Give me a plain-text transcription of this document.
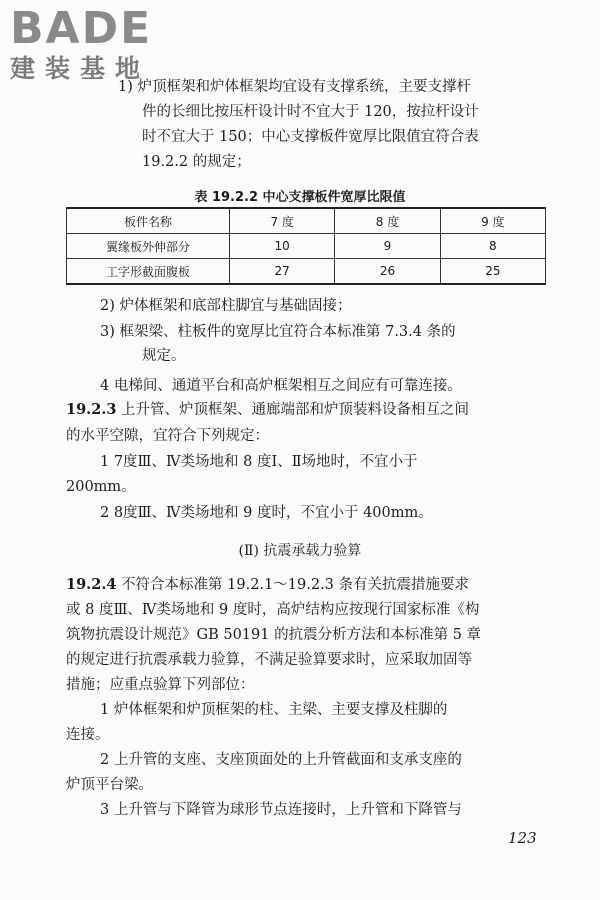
BADE
建装基地
1) 炉顶框架和炉体框架均宜设有支撑系统，主要支撑杆
件的长细比按压杆设计时不宜大于 120，按拉杆设计
时不宜大于 150；中心支撑板件宽厚比限值宜符合表
19.2.2 的规定；
表 19.2.2 中心支撑板件宽厚比限值
板件名称	7 度	8 度	9 度
翼缘板外伸部分	10	9	8
工字形截面腹板	27	26	25
2) 炉体框架和底部柱脚宜与基础固接；
3) 框架梁、柱板件的宽厚比宜符合本标准第 7.3.4 条的
规定。
4 电梯间、通道平台和高炉框架相互之间应有可靠连接。
19.2.3 上升管、炉顶框架、通廊端部和炉顶装料设备相互之间
的水平空隙，宜符合下列规定：
1 7度Ⅲ、Ⅳ类场地和 8 度Ⅰ、Ⅱ场地时，不宜小于
200mm。
2 8度Ⅲ、Ⅳ类场地和 9 度时，不宜小于 400mm。
(Ⅱ) 抗震承载力验算
19.2.4 不符合本标准第 19.2.1～19.2.3 条有关抗震措施要求
或 8 度Ⅲ、Ⅳ类场地和 9 度时，高炉结构应按现行国家标准《构
筑物抗震设计规范》GB 50191 的抗震分析方法和本标准第 5 章
的规定进行抗震承载力验算，不满足验算要求时，应采取加固等
措施；应重点验算下列部位：
1 炉体框架和炉顶框架的柱、主梁、主要支撑及柱脚的
连接。
2 上升管的支座、支座顶面处的上升管截面和支承支座的
炉顶平台梁。
3 上升管与下降管为球形节点连接时，上升管和下降管与
123
